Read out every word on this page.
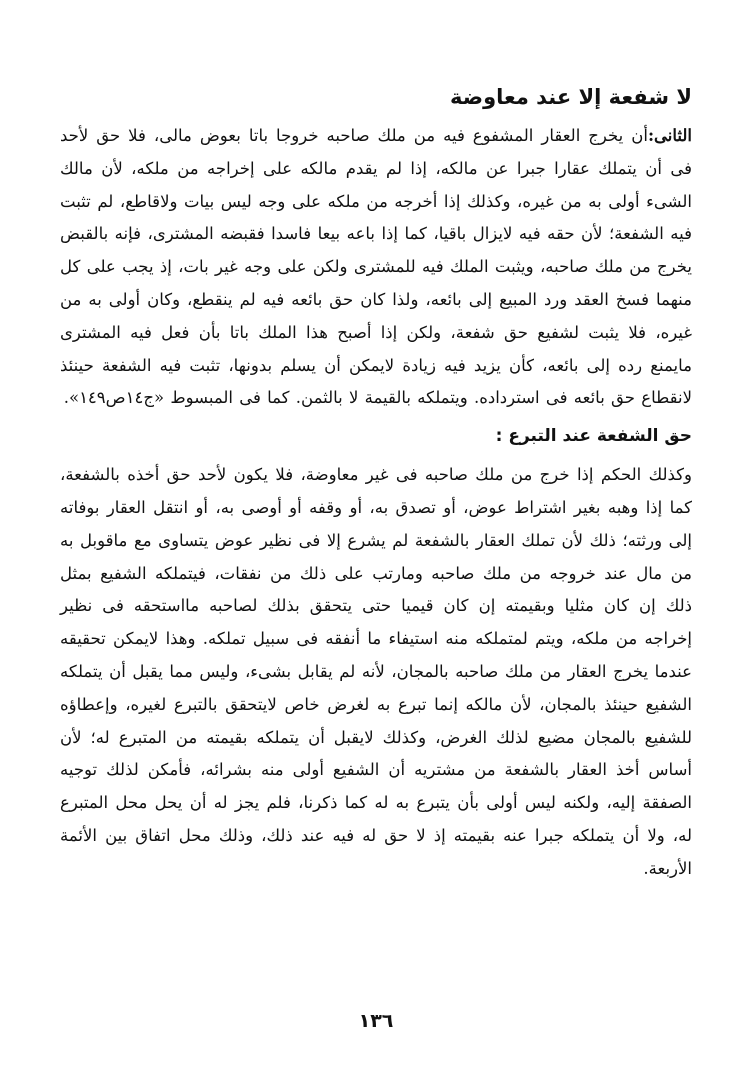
لا شفعة إلا عند معاوضة

الثانى:أن يخرج العقار المشفوع فيه من ملك صاحبه خروجا باتا بعوض مالى، فلا حق لأحد فى أن يتملك عقارا جبرا عن مالكه، إذا لم يقدم مالكه على إخراجه من ملكه، لأن مالك الشىء أولى به من غيره، وكذلك إذا أخرجه من ملكه على وجه ليس بيات ولاقاطع، لم تثبت فيه الشفعة؛ لأن حقه فيه لايزال باقيا، كما إذا باعه بيعا فاسدا فقبضه المشترى، فإنه بالقبض يخرج من ملك صاحبه، ويثبت الملك فيه للمشترى ولكن على وجه غير بات، إذ يجب على كل منهما فسخ العقد ورد المبيع إلى بائعه، ولذا كان حق بائعه فيه لم ينقطع، وكان أولى به من غيره، فلا يثبت لشفيع حق شفعة، ولكن إذا أصبح هذا الملك باتا بأن فعل فيه المشترى مايمنع رده إلى بائعه، كأن يزيد فيه زيادة لايمكن أن يسلم بدونها، تثبت فيه الشفعة حينئذ لانقطاع حق بائعه فى استرداده. ويتملكه بالقيمة لا بالثمن. كما فى المبسوط «ج١٤ص١٤٩».

حق الشفعة عند التبرع :

وكذلك الحكم إذا خرج من ملك صاحبه فى غير معاوضة، فلا يكون لأحد حق أخذه بالشفعة، كما إذا وهبه بغير اشتراط عوض، أو تصدق به، أو وقفه أو أوصى به، أو انتقل العقار بوفاته إلى ورثته؛ ذلك لأن تملك العقار بالشفعة لم يشرع إلا فى نظير عوض يتساوى مع ماقوبل به من مال عند خروجه من ملك صاحبه ومارتب على ذلك من نفقات، فيتملكه الشفيع بمثل ذلك إن كان مثليا وبقيمته إن كان قيميا حتى يتحقق بذلك لصاحبه مااستحقه فى نظير إخراجه من ملكه، ويتم لمتملكه منه استيفاء ما أنفقه فى سبيل تملكه. وهذا لايمكن تحقيقه عندما يخرج العقار من ملك صاحبه بالمجان، لأنه لم يقابل بشىء، وليس مما يقبل أن يتملكه الشفيع حينئذ بالمجان، لأن مالكه إنما تبرع به لغرض خاص لايتحقق بالتبرع لغيره، وإعطاؤه للشفيع بالمجان مضيع لذلك الغرض، وكذلك لايقبل أن يتملكه بقيمته من المتبرع له؛ لأن أساس أخذ العقار بالشفعة من مشتريه أن الشفيع أولى منه بشرائه، فأمكن لذلك توجيه الصفقة إليه، ولكنه ليس أولى بأن يتبرع به له كما ذكرنا، فلم يجز له أن يحل محل المتبرع له، ولا أن يتملكه جبرا عنه بقيمته إذ لا حق له فيه عند ذلك، وذلك محل اتفاق بين الأئمة الأربعة.

١٣٦
